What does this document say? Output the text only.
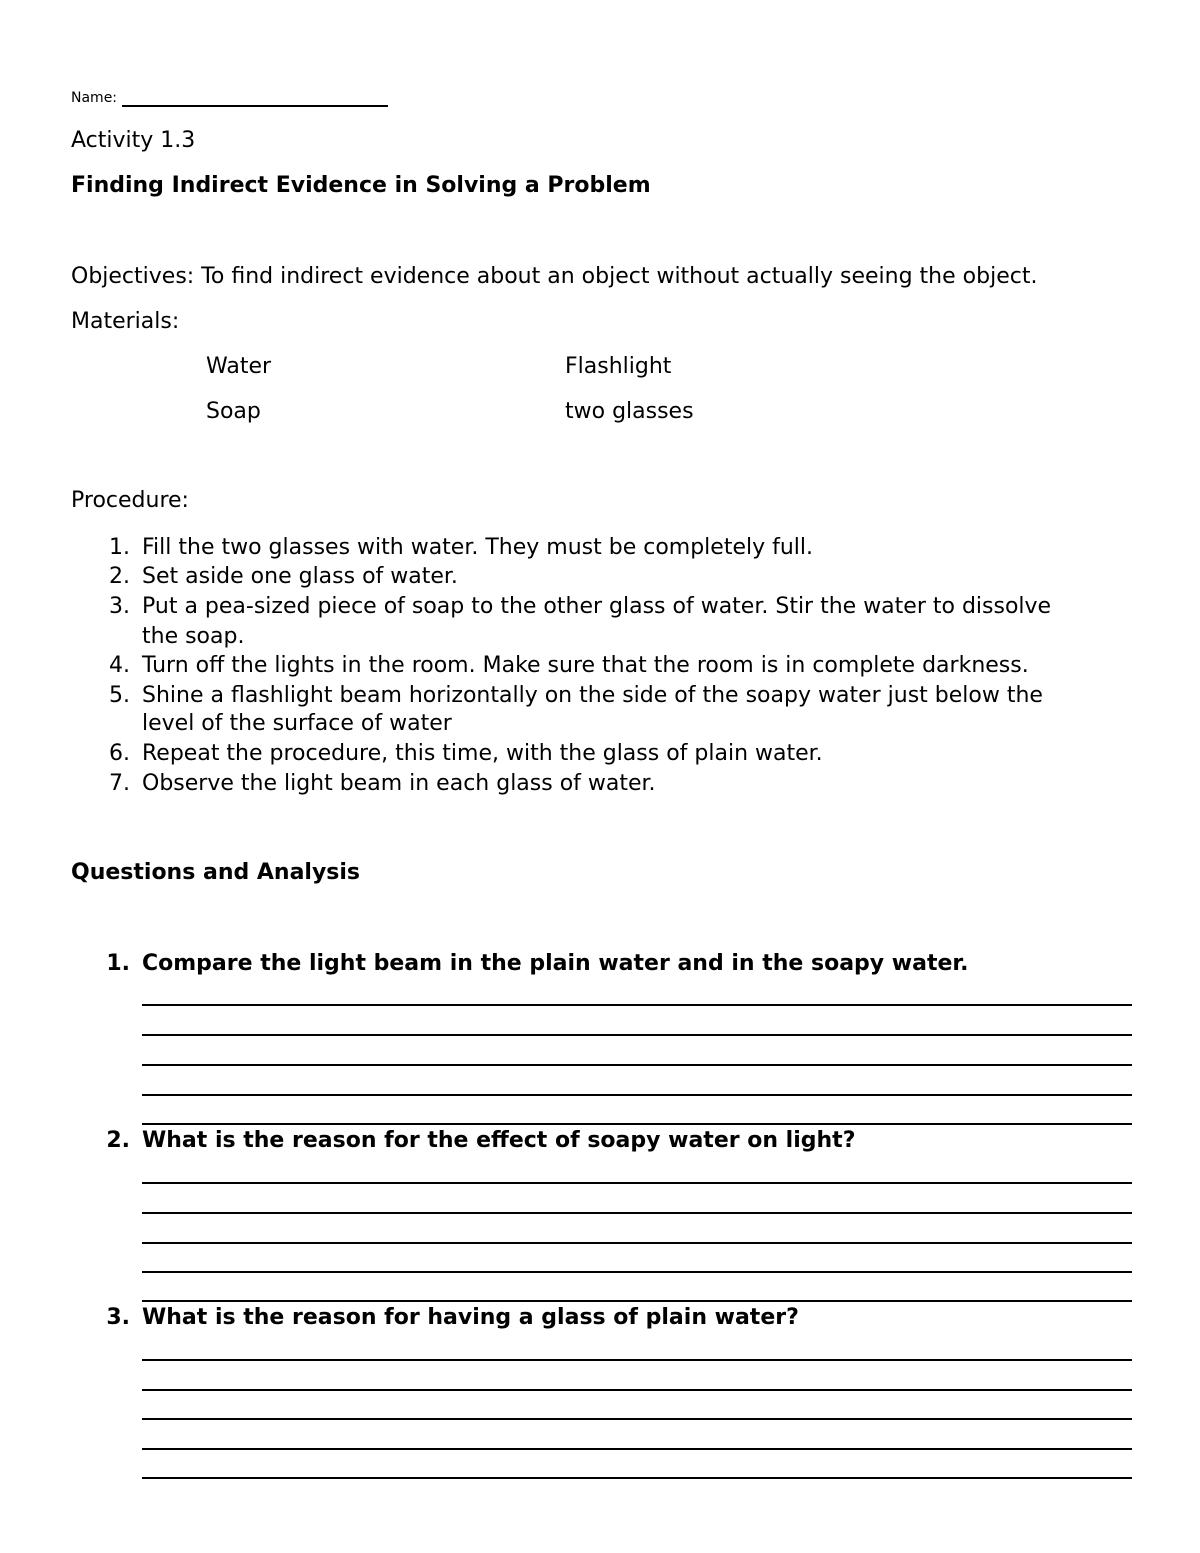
Name:
Activity 1.3
Finding Indirect Evidence in Solving a Problem
Objectives: To find indirect evidence about an object without actually seeing the object.
Materials:
Water	Flashlight
Soap	two glasses
Procedure:
1. Fill the two glasses with water. They must be completely full.
2. Set aside one glass of water.
3. Put a pea-sized piece of soap to the other glass of water. Stir the water to dissolve
the soap.
4. Turn off the lights in the room. Make sure that the room is in complete darkness.
5. Shine a flashlight beam horizontally on the side of the soapy water just below the
level of the surface of water
6. Repeat the procedure, this time, with the glass of plain water.
7. Observe the light beam in each glass of water.
Questions and Analysis
1. Compare the light beam in the plain water and in the soapy water.
2. What is the reason for the effect of soapy water on light?
3. What is the reason for having a glass of plain water?
